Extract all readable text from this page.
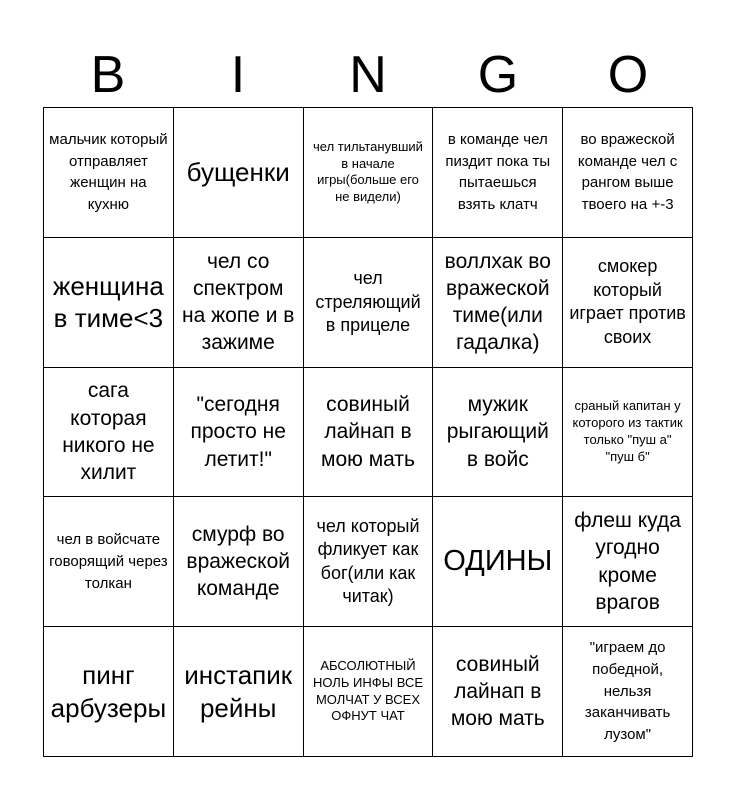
B	I	N	G	O
мальчик который отправляет женщин на кухню
бущенки
чел тильтанувший в начале игры(больше его не видели)
в команде чел пиздит пока ты пытаешься взять клатч
во вражеской команде чел с рангом выше твоего на +-3
женщина в тиме<3
чел со спектром на жопе и в зажиме
чел стреляющий в прицеле
воллхак во вражеской тиме(или гадалка)
смокер который играет против своих
сага которая никого не хилит
"сегодня просто не летит!"
совиный лайнап в мою мать
мужик рыгающий в войс
сраный капитан у которого из тактик только "пуш а" "пуш б"
чел в войсчате говорящий через толкан
смурф во вражеской команде
чел который фликует как бог(или как читак)
ОДИНЫ
флеш куда угодно кроме врагов
пинг арбузеры
инстапик рейны
АБСОЛЮТНЫЙ НОЛЬ ИНФЫ ВСЕ МОЛЧАТ У ВСЕХ ОФНУТ ЧАТ
совиный лайнап в мою мать
"играем до победной, нельзя заканчивать лузом"
